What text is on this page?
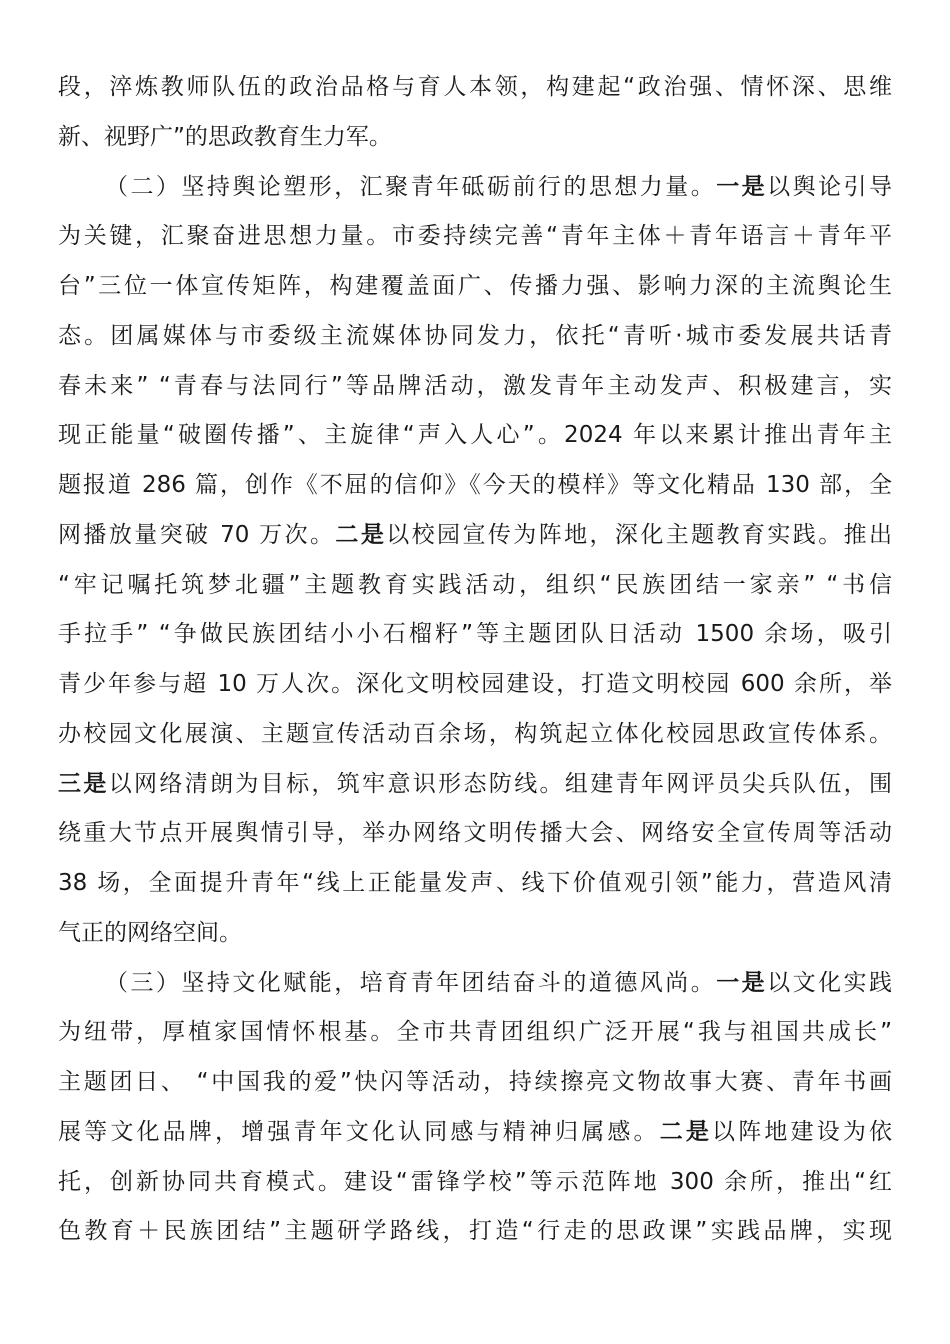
段，淬炼教师队伍的政治品格与育人本领，构建起“政治强、情怀深、思维
新、视野广”的思政教育生力军。
（二）坚持舆论塑形，汇聚青年砥砺前行的思想力量。一是以舆论引导
为关键，汇聚奋进思想力量。市委持续完善“青年主体＋青年语言＋青年平
台”三位一体宣传矩阵，构建覆盖面广、传播力强、影响力深的主流舆论生
态。团属媒体与市委级主流媒体协同发力，依托“青听·城市委发展共话青
春未来” “青春与法同行”等品牌活动，激发青年主动发声、积极建言，实
现正能量“破圈传播”、主旋律“声入人心”。2024 年以来累计推出青年主
题报道 286 篇，创作《不屈的信仰》《今天的模样》等文化精品 130 部，全
网播放量突破 70 万次。二是以校园宣传为阵地，深化主题教育实践。推出
“牢记嘱托筑梦北疆”主题教育实践活动，组织“民族团结一家亲” “书信
手拉手” “争做民族团结小小石榴籽”等主题团队日活动 1500 余场，吸引
青少年参与超 10 万人次。深化文明校园建设，打造文明校园 600 余所，举
办校园文化展演、主题宣传活动百余场，构筑起立体化校园思政宣传体系。
三是以网络清朗为目标，筑牢意识形态防线。组建青年网评员尖兵队伍，围
绕重大节点开展舆情引导，举办网络文明传播大会、网络安全宣传周等活动
38 场，全面提升青年“线上正能量发声、线下价值观引领”能力，营造风清
气正的网络空间。
（三）坚持文化赋能，培育青年团结奋斗的道德风尚。一是以文化实践
为纽带，厚植家国情怀根基。全市共青团组织广泛开展“我与祖国共成长”
主题团日、 “中国我的爱”快闪等活动，持续擦亮文物故事大赛、青年书画
展等文化品牌，增强青年文化认同感与精神归属感。二是以阵地建设为依
托，创新协同共育模式。建设“雷锋学校”等示范阵地 300 余所，推出“红
色教育＋民族团结”主题研学路线，打造“行走的思政课”实践品牌，实现
